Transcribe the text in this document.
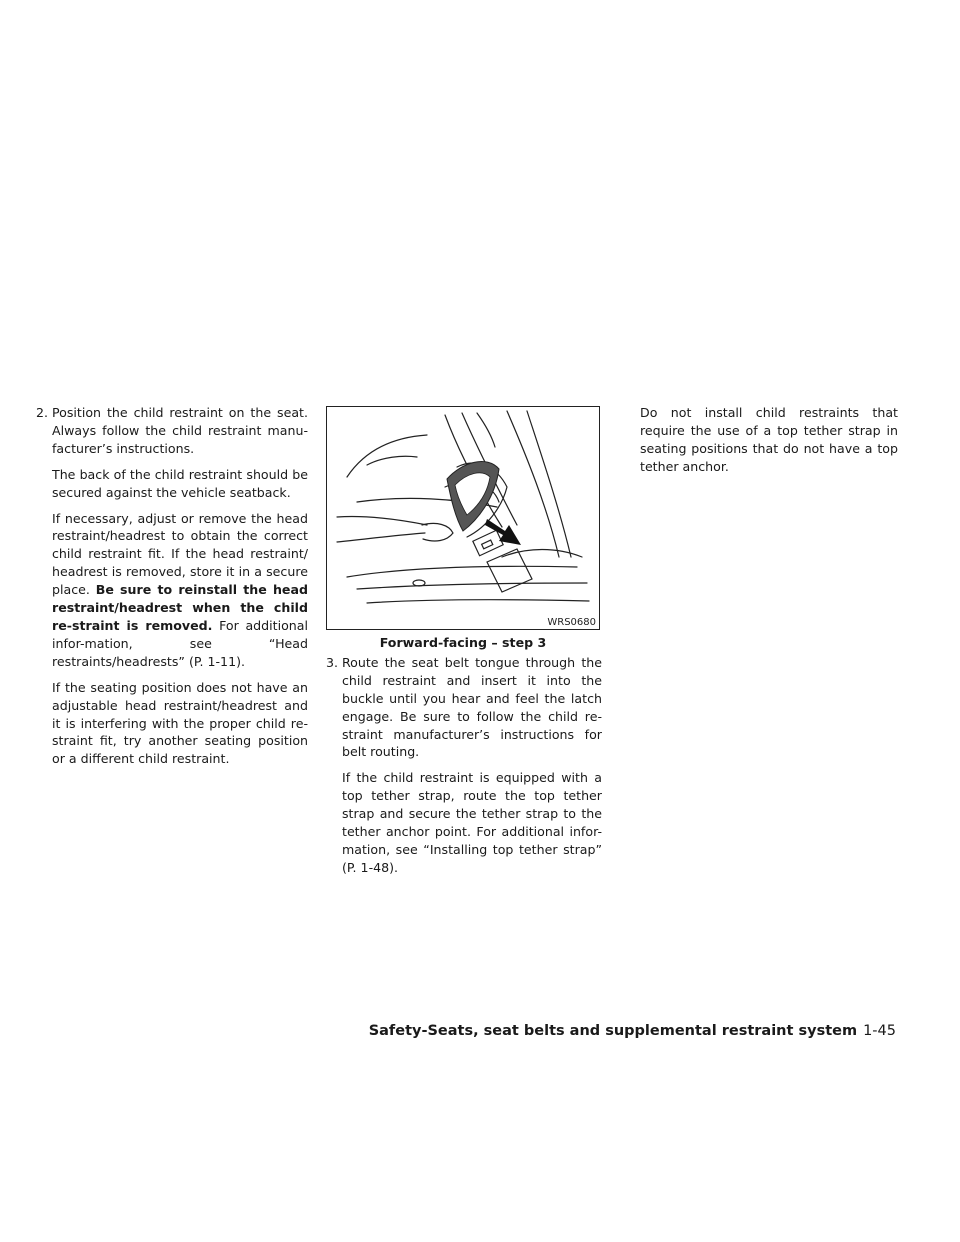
2. Position the child restraint on the seat. Always follow the child restraint manu-facturer’s instructions.

The back of the child restraint should be secured against the vehicle seatback.

If necessary, adjust or remove the head restraint/headrest to obtain the correct child restraint fit. If the head restraint/ headrest is removed, store it in a secure place. Be sure to reinstall the head restraint/headrest when the child re-straint is removed. For additional infor-mation, see “Head restraints/headrests” (P. 1-11).

If the seating position does not have an adjustable head restraint/headrest and it is interfering with the proper child re-straint fit, try another seating position or a different child restraint.

WRS0680
Forward-facing – step 3

3. Route the seat belt tongue through the child restraint and insert it into the buckle until you hear and feel the latch engage. Be sure to follow the child re-straint manufacturer’s instructions for belt routing.

If the child restraint is equipped with a top tether strap, route the top tether strap and secure the tether strap to the tether anchor point. For additional infor-mation, see “Installing top tether strap” (P. 1-48).

Do not install child restraints that require the use of a top tether strap in seating positions that do not have a top tether anchor.

Safety-Seats, seat belts and supplemental restraint system 1-45
